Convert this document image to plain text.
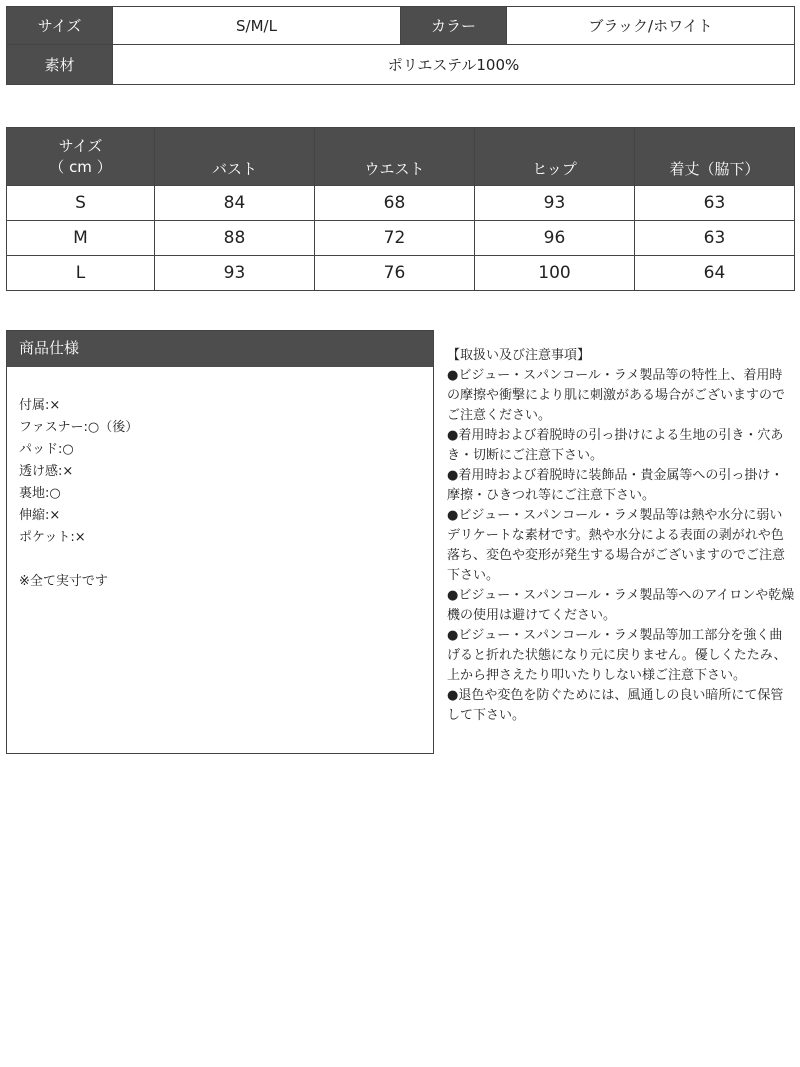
サイズ	S/M/L	カラー	ブラック/ホワイト
素材	ポリエステル100%		
サイズ
（ cm ）	バスト	ウエスト	ヒップ	着丈（脇下）
S	84	68	93	63
M	88	72	96	63
L	93	76	100	64
商品仕様
付属:×
ファスナー:○（後）
パッド:○
透け感:×
裏地:○
伸縮:×
ポケット:×
※全て実寸です
【取扱い及び注意事項】
●ビジュー・スパンコール・ラメ製品等の特性上、着用時の摩擦や衝撃により肌に刺激がある場合がございますのでご注意ください。
●着用時および着脱時の引っ掛けによる生地の引き・穴あき・切断にご注意下さい。
●着用時および着脱時に装飾品・貴金属等への引っ掛け・摩擦・ひきつれ等にご注意下さい。
●ビジュー・スパンコール・ラメ製品等は熱や水分に弱いデリケートな素材です。熱や水分による表面の剥がれや色落ち、変色や変形が発生する場合がございますのでご注意下さい。
●ビジュー・スパンコール・ラメ製品等へのアイロンや乾燥機の使用は避けてください。
●ビジュー・スパンコール・ラメ製品等加工部分を強く曲げると折れた状態になり元に戻りません。優しくたたみ、上から押さえたり叩いたりしない様ご注意下さい。
●退色や変色を防ぐためには、風通しの良い暗所にて保管して下さい。
